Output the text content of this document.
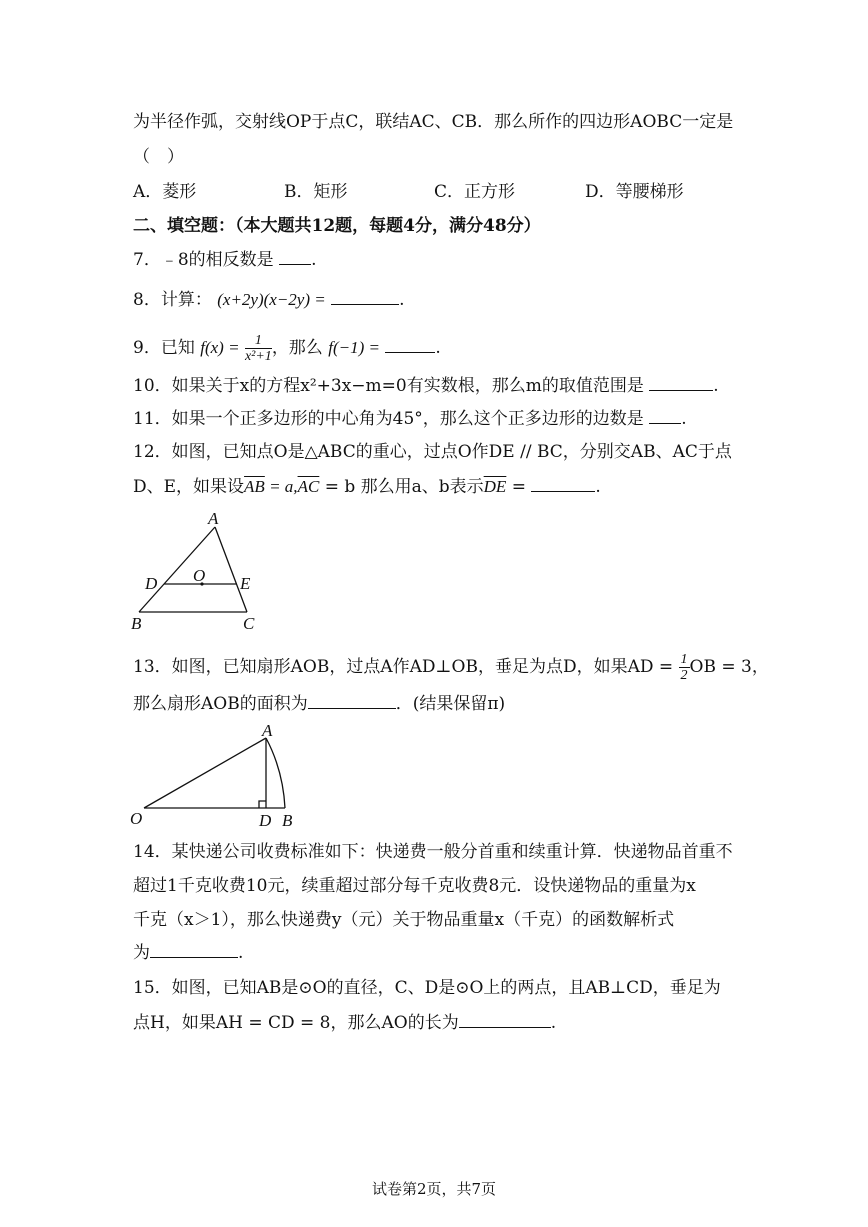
为半径作弧，交射线OP于点C，联结AC、CB．那么所作的四边形AOBC一定是
（　）
A．菱形	B．矩形	C．正方形	D．等腰梯形
二、填空题：（本大题共12题，每题4分，满分48分）
7．﹣8的相反数是 .
8．计算： (x+2y)(x−2y) =	.
9．已知 $f(x) = \frac{1}{\text{x²+1}}$ ，那么 f(−1) =	.
10．如果关于x的方程x²+3x−m=0有实数根，那么m的取值范围是	.
11．如果一个正多边形的中心角为45°，那么这个正多边形的边数是 .
12．如图，已知点O是△ABC的重心，过点O作DE // BC，分别交AB、AC于点
D、E，如果设$\overline{AB} = a,\overline{AC} = b$ 那么用a、b表示$\overline{DE}$ =	.
A
B	C
D	E
O
13．如图，已知扇形AOB，过点A作AD⊥OB，垂足为点D，如果AD = $\frac{1}{2}$ OB = 3，
那么扇形AOB的面积为	．(结果保留π)
A
O	D B
14．某快递公司收费标准如下：快递费一般分首重和续重计算．快递物品首重不
超过1千克收费10元，续重超过部分每千克收费8元．设快递物品的重量为x
千克（x＞1），那么快递费y（元）关于物品重量x（千克）的函数解析式
为	.
15．如图，已知AB是⊙O的直径，C、D是⊙O上的两点，且AB⊥CD，垂足为
点H，如果AH = CD = 8，那么AO的长为	.
试卷第2页，共7页
